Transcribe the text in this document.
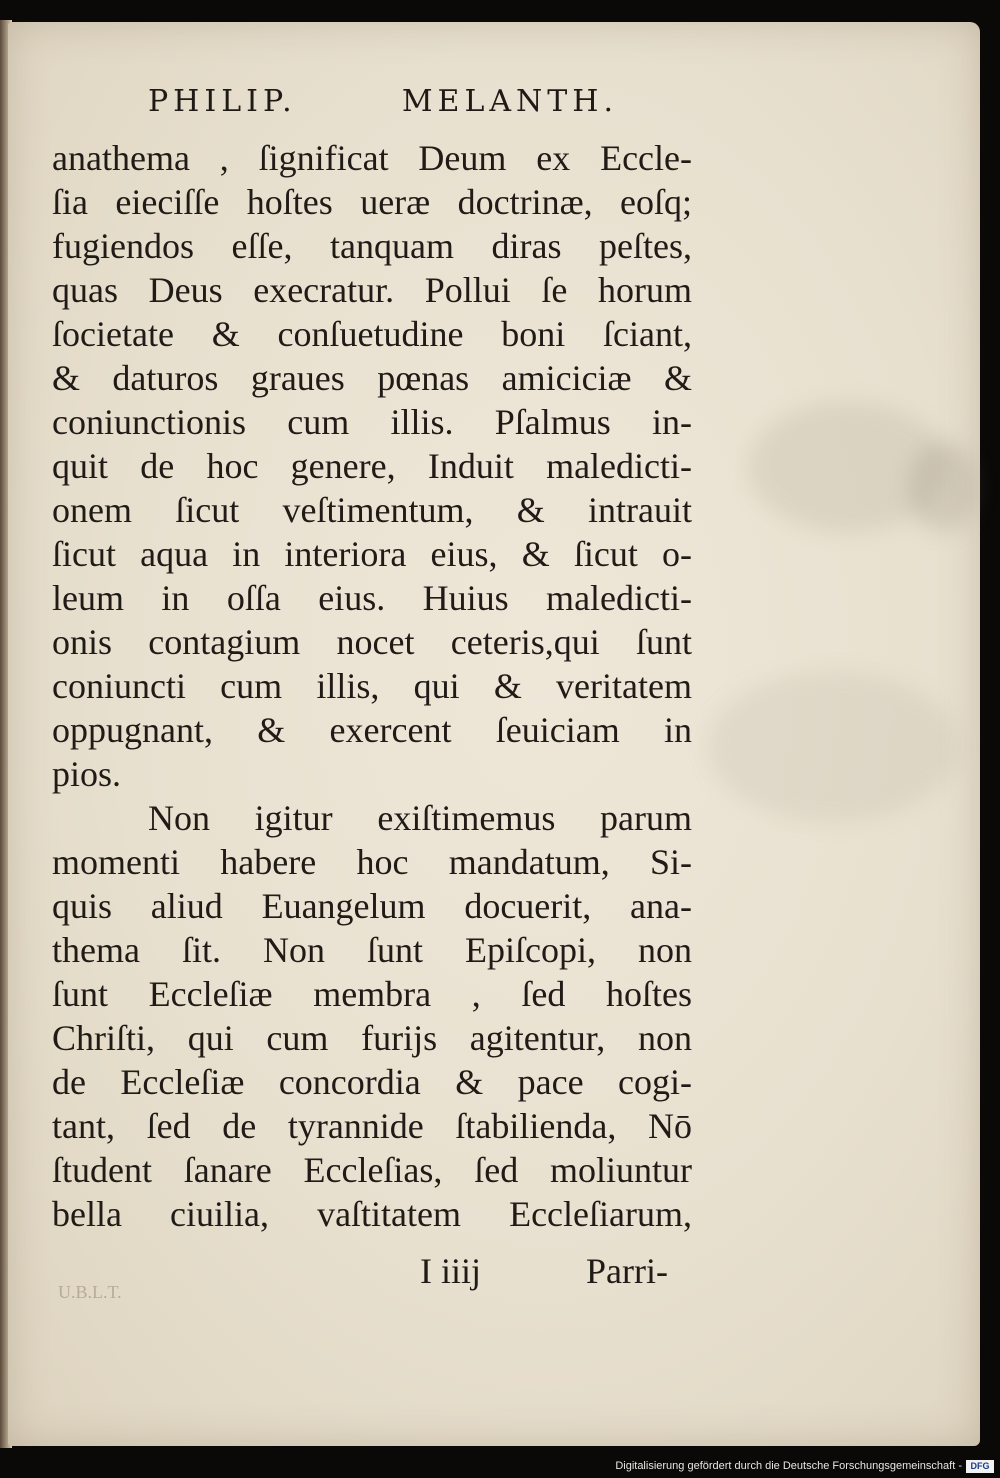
PHILIP.	MELANTH.
anathema , ſignificat Deum ex Eccle-
ſia eieciſſe hoſtes ueræ doctrinæ, eoſq;
fugiendos eſſe, tanquam diras peſtes,
quas Deus execratur. Pollui ſe horum
ſocietate & conſuetudine boni ſciant,
& daturos graues pœnas amiciciæ &
coniunctionis cum illis. Pſalmus in-
quit de hoc genere, Induit maledicti-
onem ſicut veſtimentum, & intrauit
ſicut aqua in interiora eius, & ſicut o-
leum in oſſa eius. Huius maledicti-
onis contagium nocet ceteris,qui ſunt
coniuncti cum illis, qui & veritatem
oppugnant, & exercent ſeuiciam in
pios.
Non igitur exiſtimemus parum
momenti habere hoc mandatum, Si-
quis aliud Euangelum docuerit, ana-
thema ſit. Non ſunt Epiſcopi, non
ſunt Eccleſiæ membra , ſed hoſtes
Chriſti, qui cum furijs agitentur, non
de Eccleſiæ concordia & pace cogi-
tant, ſed de tyrannide ſtabilienda, Nō
ſtudent ſanare Eccleſias, ſed moliuntur
bella ciuilia, vaſtitatem Eccleſiarum,
I iiij	Parri-
U.B.L.T.
Digitalisierung gefördert durch die Deutsche Forschungsgemeinschaft - DFG
